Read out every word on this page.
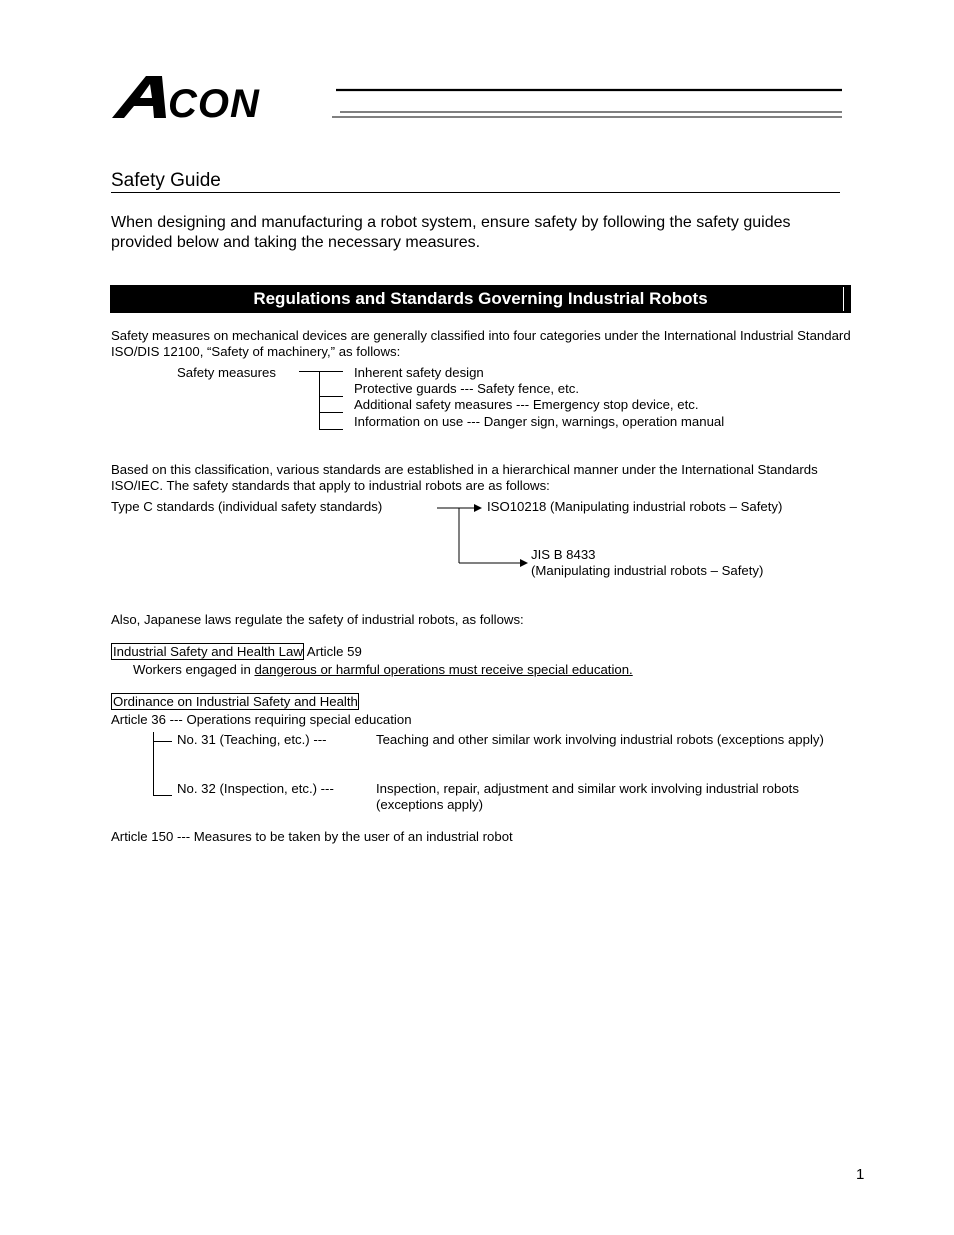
CON
Safety Guide
When designing and manufacturing a robot system, ensure safety by following the safety guides provided below and taking the necessary measures.
Regulations and Standards Governing Industrial Robots
Safety measures on mechanical devices are generally classified into four categories under the International Industrial Standard ISO/DIS 12100, “Safety of machinery,” as follows:
Safety measures	Inherent safety design
Protective guards --- Safety fence, etc.
Additional safety measures --- Emergency stop device, etc.
Information on use --- Danger sign, warnings, operation manual
Based on this classification, various standards are established in a hierarchical manner under the International Standards ISO/IEC. The safety standards that apply to industrial robots are as follows:
Type C standards (individual safety standards)	ISO10218 (Manipulating industrial robots – Safety)
JIS B 8433
(Manipulating industrial robots – Safety)
Also, Japanese laws regulate the safety of industrial robots, as follows:
Industrial Safety and Health Law Article 59
Workers engaged in dangerous or harmful operations must receive special education.
Ordinance on Industrial Safety and Health
Article 36 --- Operations requiring special education
No. 31 (Teaching, etc.) ---	Teaching and other similar work involving industrial robots (exceptions apply)
No. 32 (Inspection, etc.) ---	Inspection, repair, adjustment and similar work involving industrial robots (exceptions apply)
Article 150 --- Measures to be taken by the user of an industrial robot
1
